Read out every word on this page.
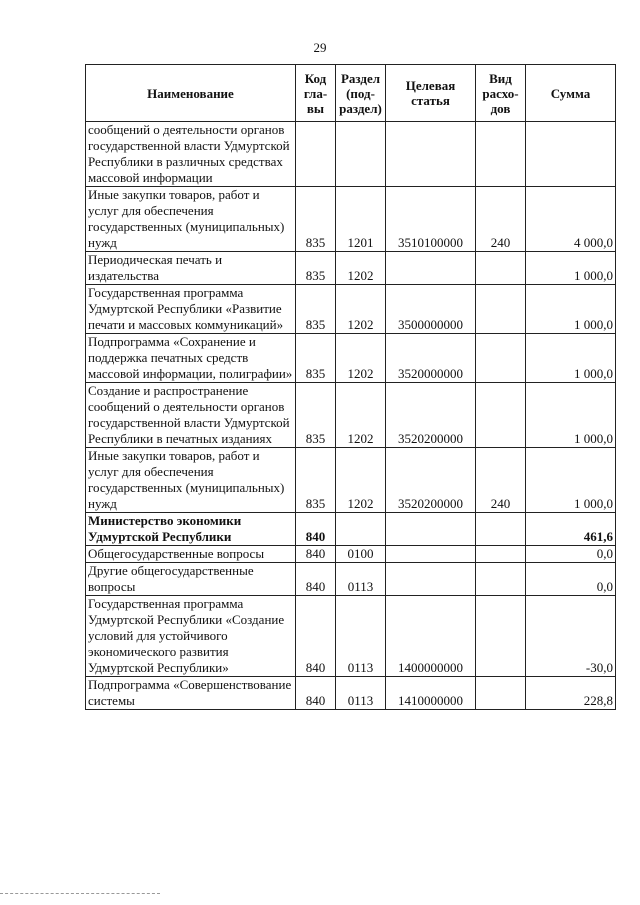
29
Наименование	Код гла-вы	Раздел (под-раздел)	Целевая статья	Вид расхо-дов	Сумма
сообщений о деятельности органов государственной власти Удмуртской Республики в различных средствах массовой информации					
Иные закупки товаров, работ и услуг для обеспечения государственных (муниципальных) нужд	835	1201	3510100000	240	4 000,0
Периодическая печать и издательства	835	1202			1 000,0
Государственная программа Удмуртской Республики «Развитие печати и массовых коммуникаций»	835	1202	3500000000		1 000,0
Подпрограмма «Сохранение и поддержка печатных средств массовой информации, полиграфии»	835	1202	3520000000		1 000,0
Создание и распространение сообщений о деятельности органов государственной власти Удмуртской Республики в печатных изданиях	835	1202	3520200000		1 000,0
Иные закупки товаров, работ и услуг для обеспечения государственных (муниципальных) нужд	835	1202	3520200000	240	1 000,0
Министерство экономики Удмуртской Республики	840				461,6
Общегосударственные вопросы	840	0100			0,0
Другие общегосударственные вопросы	840	0113			0,0
Государственная программа Удмуртской Республики «Создание условий для устойчивого экономического развития Удмуртской Республики»	840	0113	1400000000		-30,0
Подпрограмма «Совершенствование системы	840	0113	1410000000		228,8
